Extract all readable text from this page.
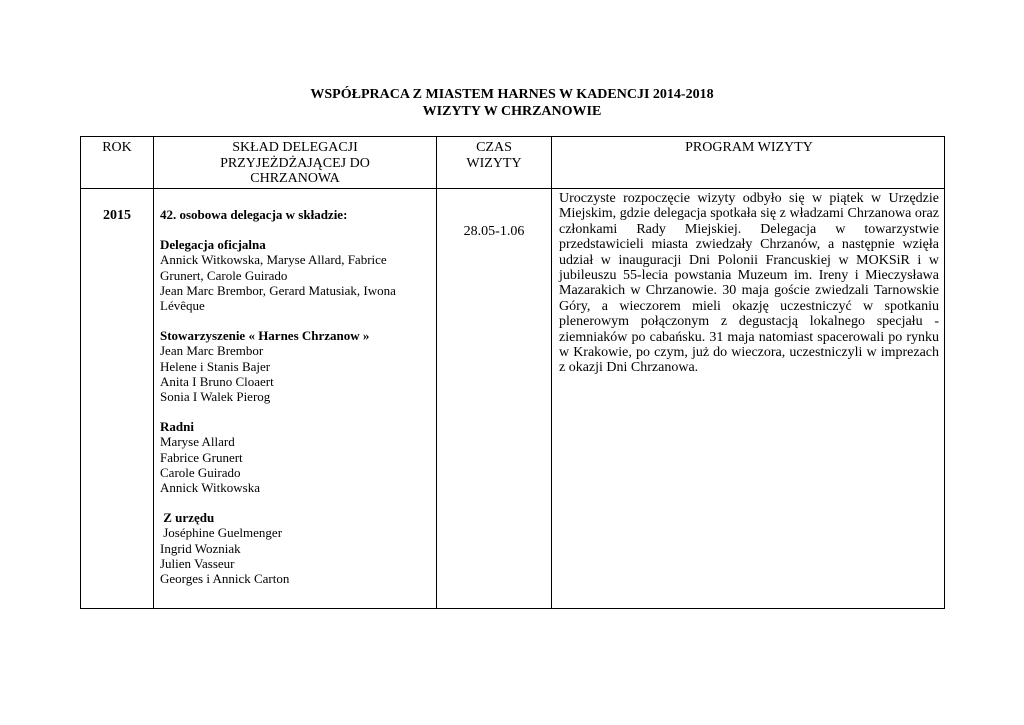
WSPÓŁPRACA Z MIASTEM HARNES W KADENCJI 2014-2018
WIZYTY W CHRZANOWIE
ROK	SKŁAD DELEGACJI
PRZYJEŻDŻAJĄCEJ DO
CHRZANOWA
CZAS
WIZYTY
PROGRAM WIZYTY
2015	42. osobowa delegacja w składzie:
Delegacja oficjalna
Annick Witkowska, Maryse Allard, Fabrice
Grunert, Carole Guirado
Jean Marc Brembor, Gerard Matusiak, Iwona
Lévêque
Stowarzyszenie « Harnes Chrzanow »
Jean Marc Brembor
Helene i Stanis Bajer
Anita I Bruno Cloaert
Sonia I Walek Pierog
Radni
Maryse Allard
Fabrice Grunert
Carole Guirado
Annick Witkowska
Z urzędu
Joséphine Guelmenger
Ingrid Wozniak
Julien Vasseur
Georges i Annick Carton
28.05-1.06
Uroczyste rozpoczęcie wizyty odbyło się w piątek w Urzędzie Miejskim, gdzie delegacja spotkała się z władzami Chrzanowa oraz członkami Rady Miejskiej. Delegacja w towarzystwie przedstawicieli miasta zwiedzały Chrzanów, a następnie wzięła udział w inauguracji Dni Polonii Francuskiej w MOKSiR i w jubileuszu 55-lecia powstania Muzeum im. Ireny i Mieczysława Mazarakich w Chrzanowie. 30 maja goście zwiedzali Tarnowskie Góry, a wieczorem mieli okazję uczestniczyć w spotkaniu plenerowym połączonym z degustacją lokalnego specjału - ziemniaków po cabańsku. 31 maja natomiast spacerowali po rynku w Krakowie, po czym, już do wieczora, uczestniczyli w imprezach z okazji Dni Chrzanowa.
